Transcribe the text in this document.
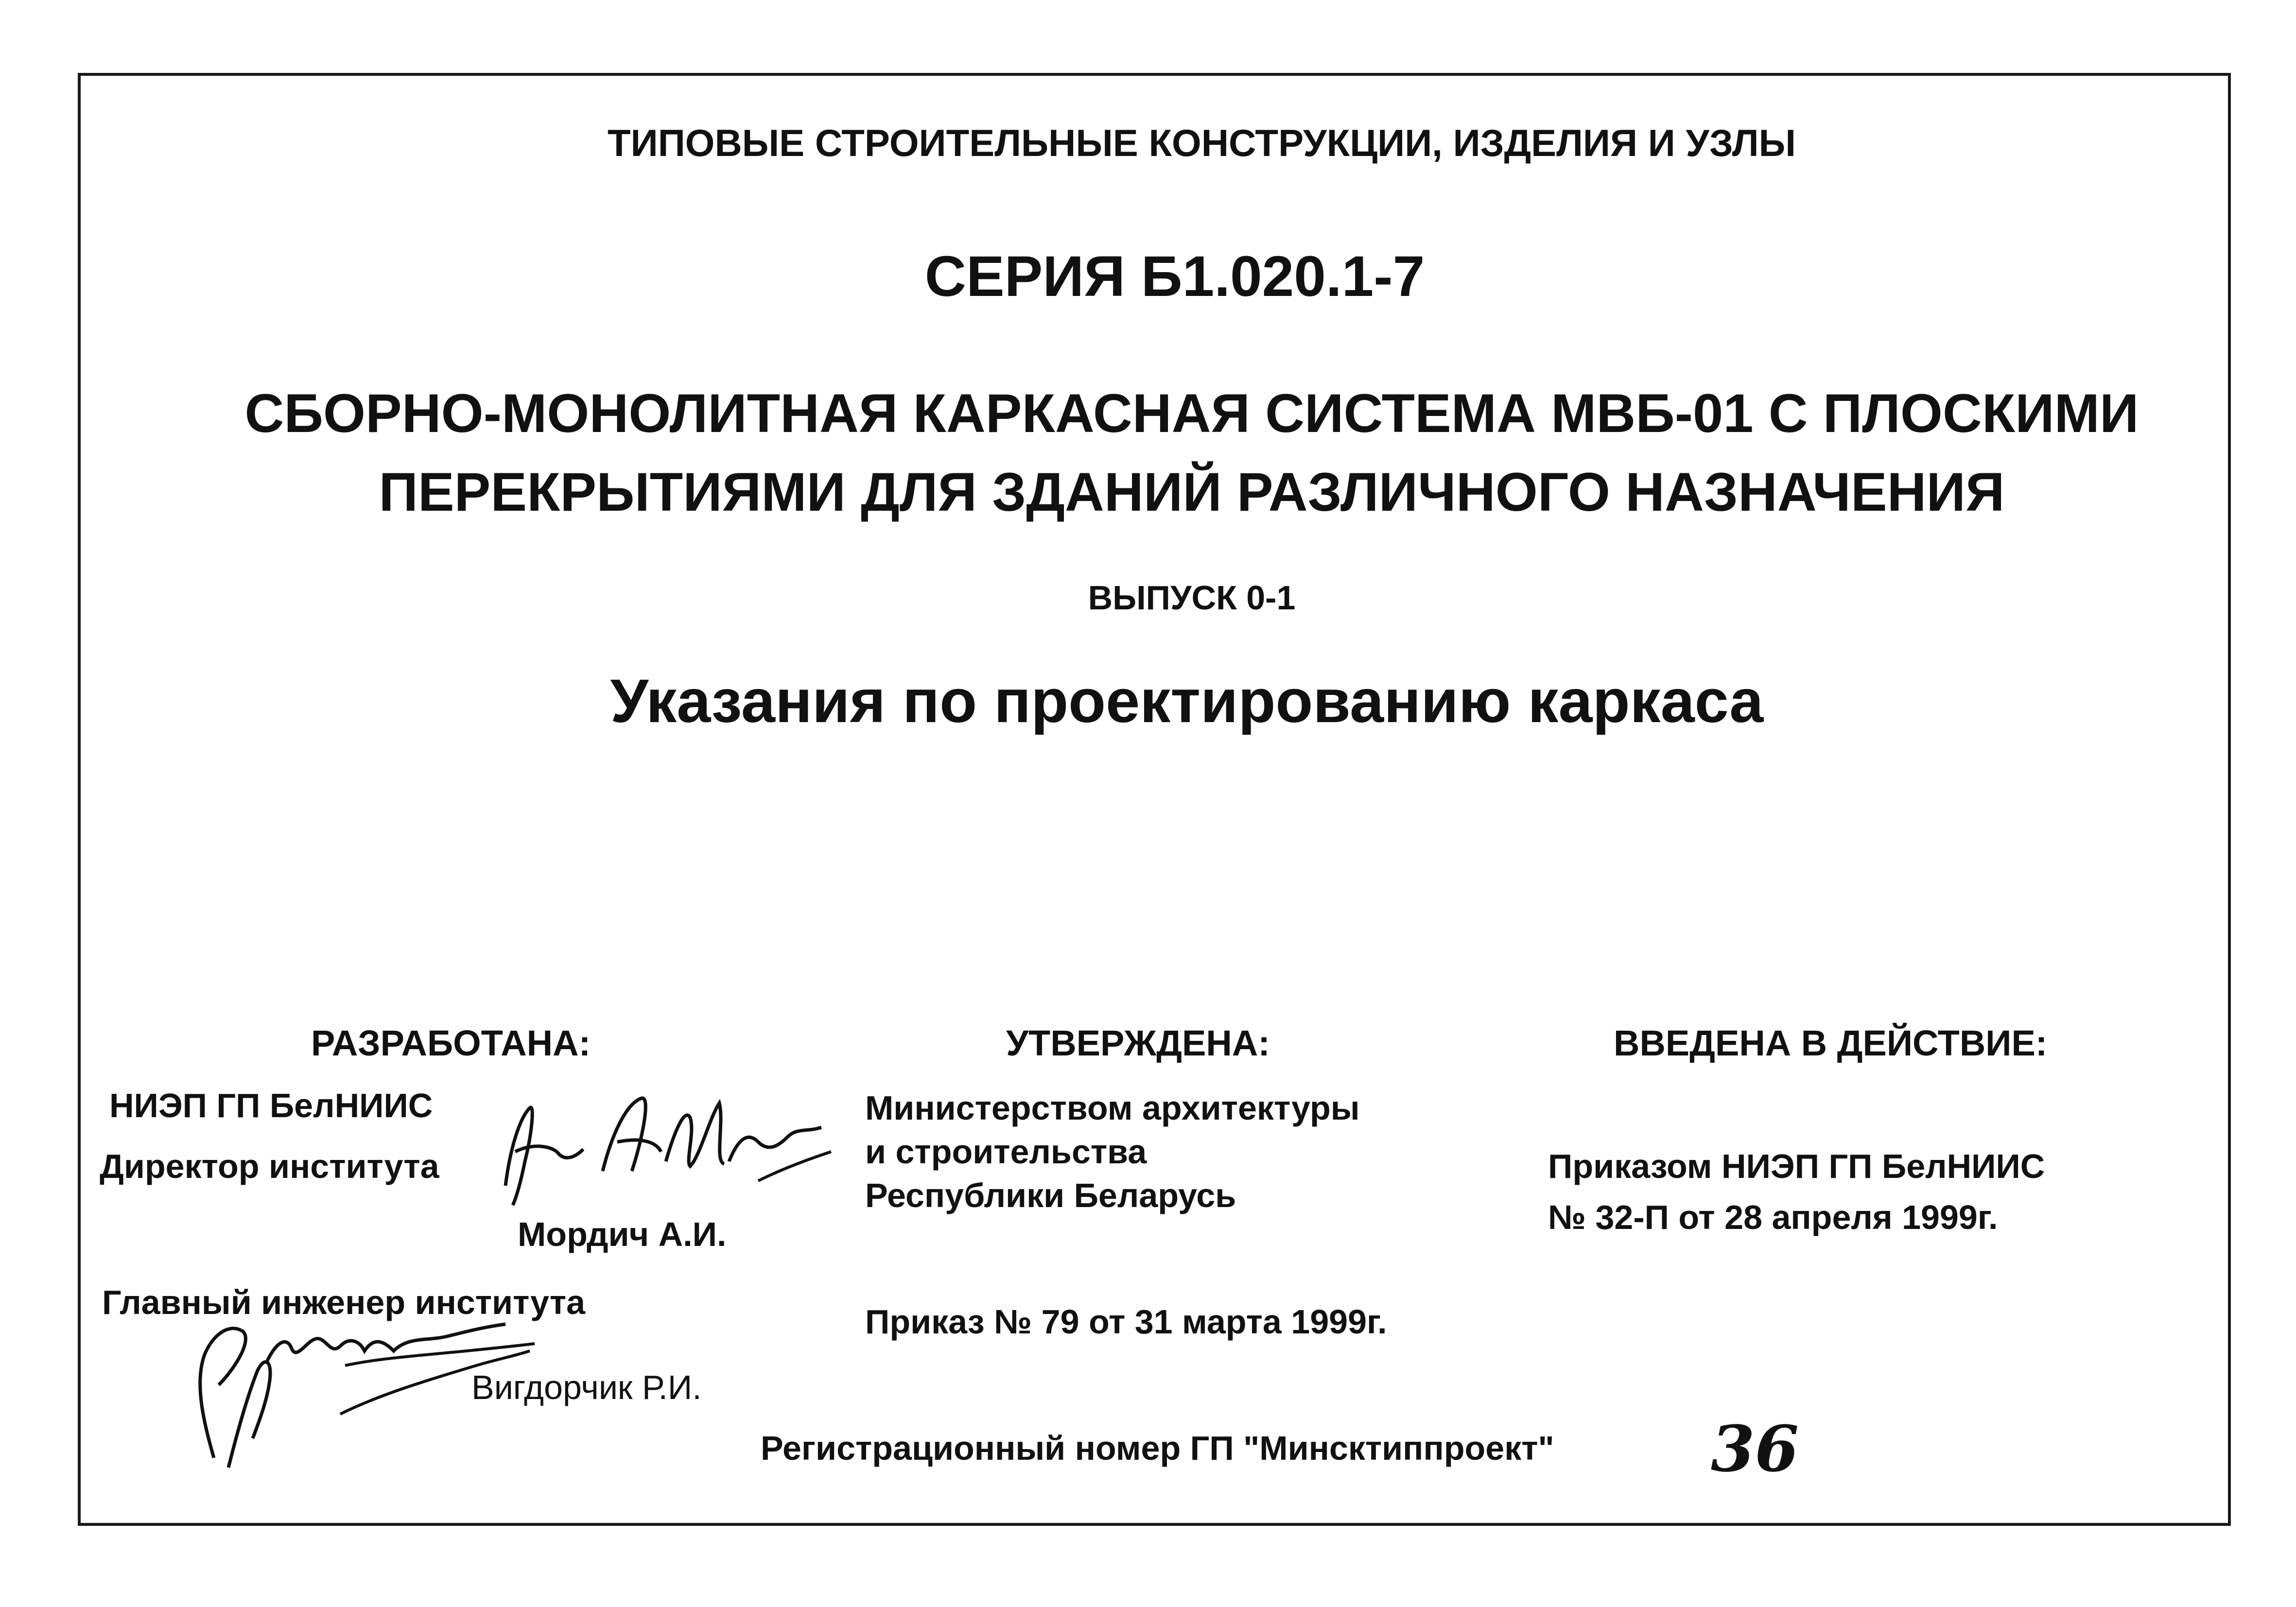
ТИПОВЫЕ СТРОИТЕЛЬНЫЕ КОНСТРУКЦИИ, ИЗДЕЛИЯ И УЗЛЫ
СЕРИЯ Б1.020.1-7
СБОРНО-МОНОЛИТНАЯ КАРКАСНАЯ СИСТЕМА МВБ-01 С ПЛОСКИМИ
ПЕРЕКРЫТИЯМИ ДЛЯ ЗДАНИЙ РАЗЛИЧНОГО НАЗНАЧЕНИЯ
ВЫПУСК 0-1
Указания по проектированию каркаса
РАЗРАБОТАНА:
НИЭП ГП БелНИИС
Директор института
Мордич А.И.
Главный инженер института
Вигдорчик Р.И.
УТВЕРЖДЕНА:
Министерством архитектуры
и строительства
Республики Беларусь
Приказ № 79 от 31 марта 1999г.
ВВЕДЕНА В ДЕЙСТВИЕ:
Приказом НИЭП ГП БелНИИС
№ 32-П от 28 апреля 1999г.
Регистрационный номер ГП "Минсктиппроект" 36
